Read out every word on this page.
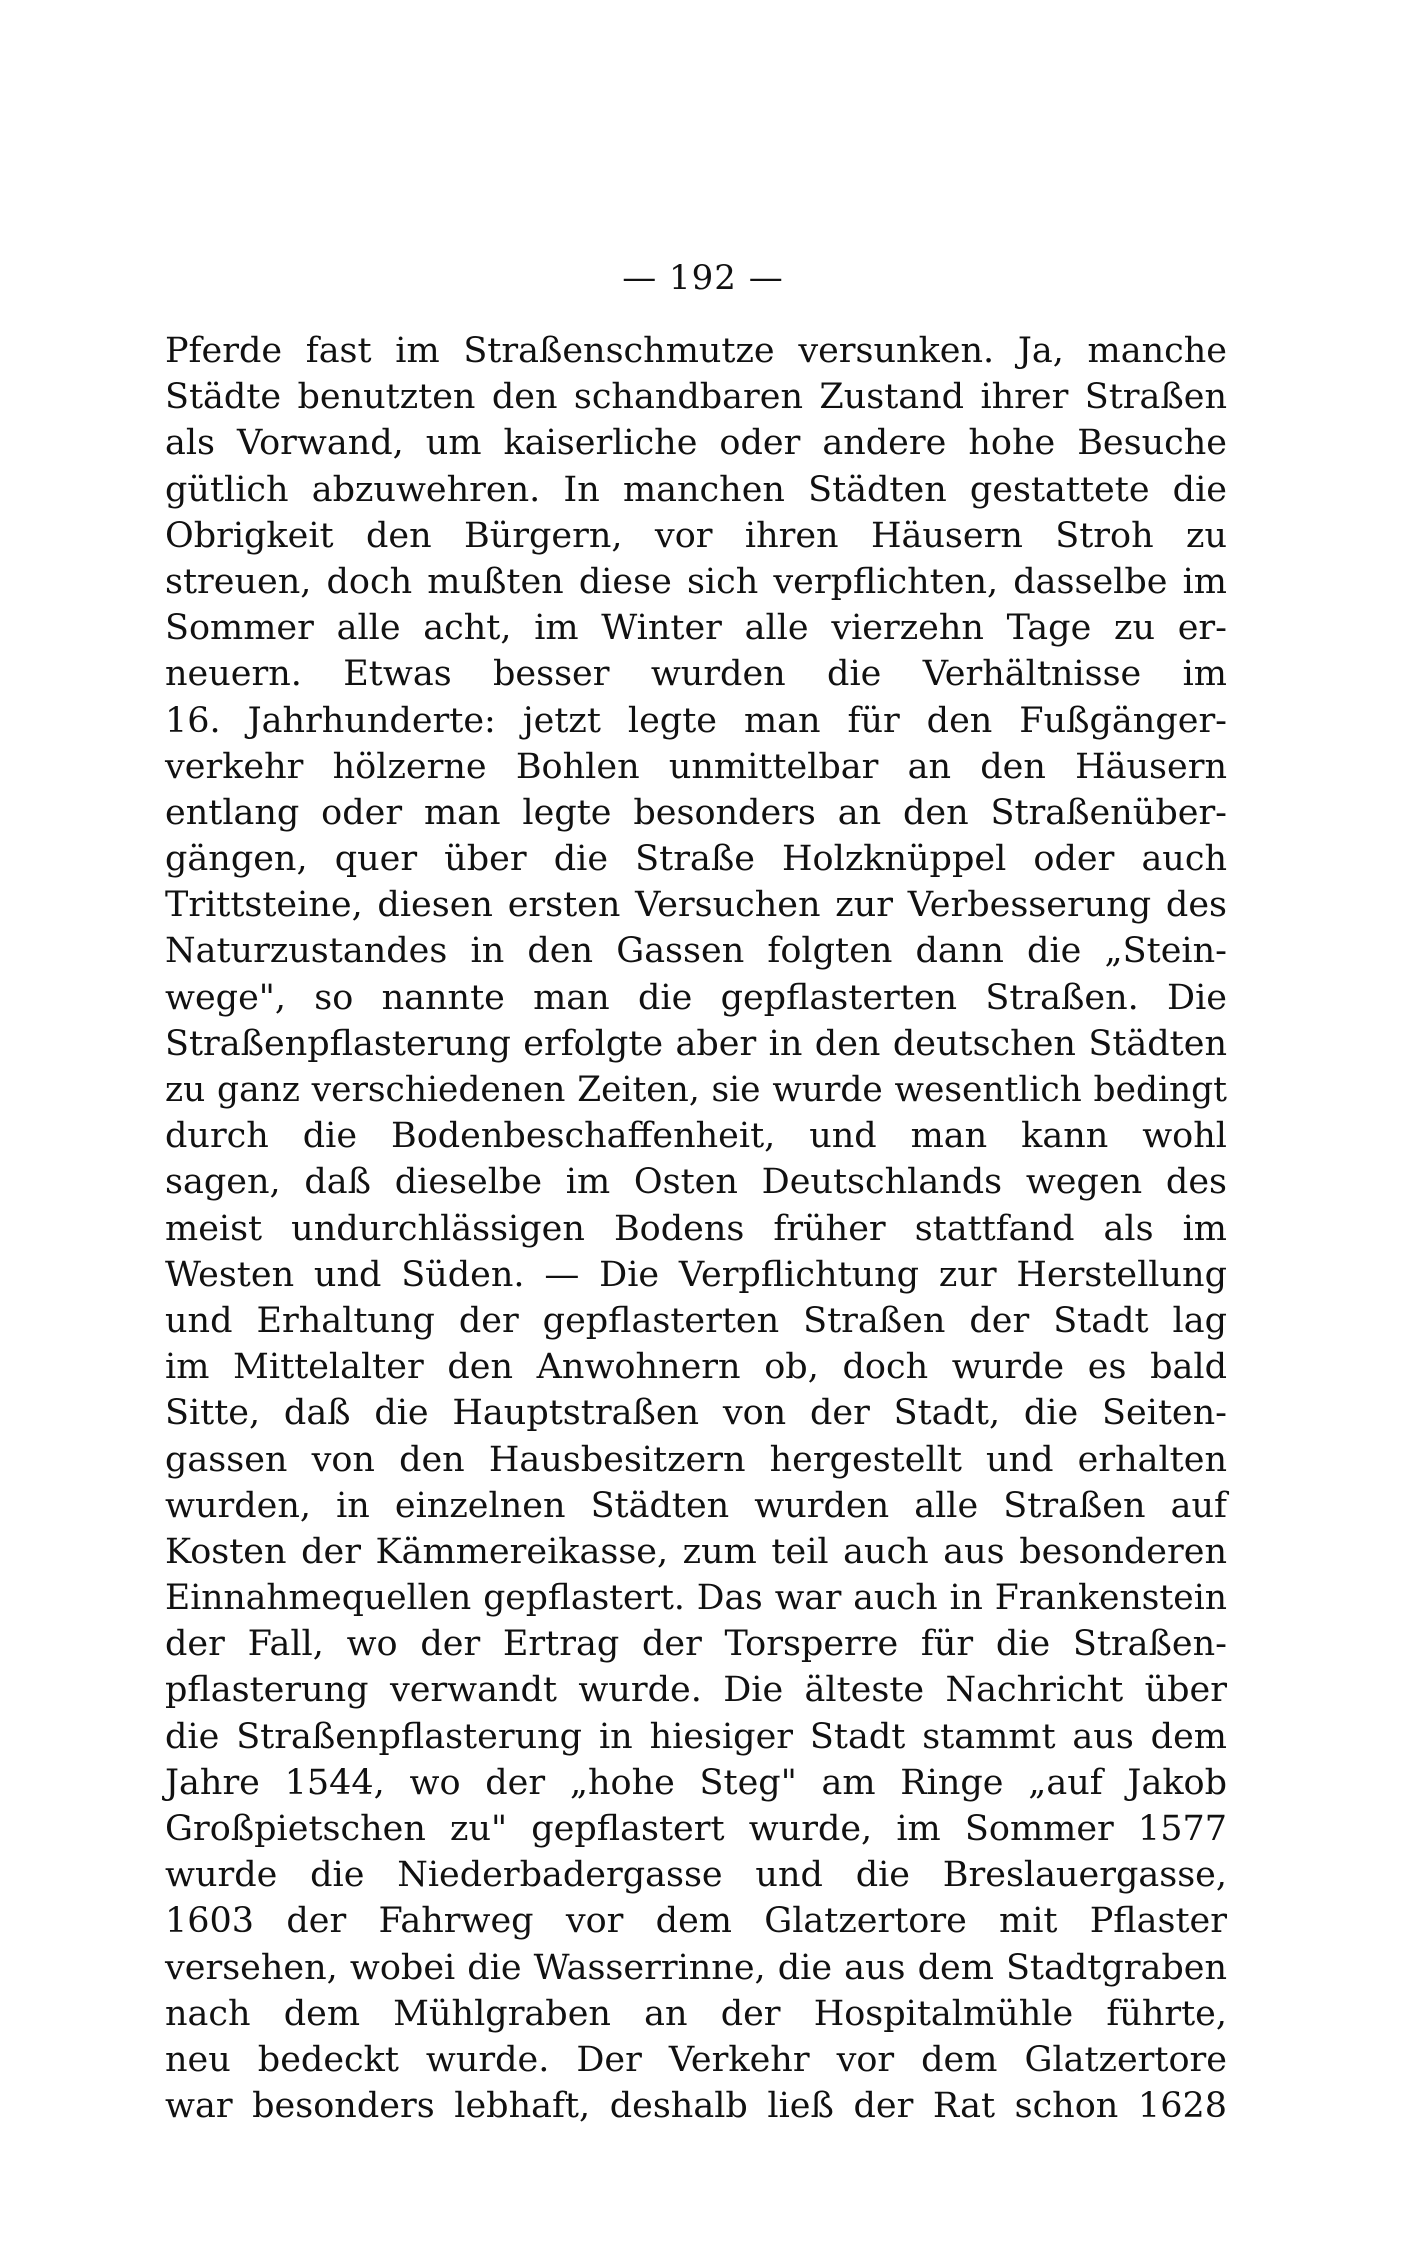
— 192 —
Pferde fast im Straßenschmutze versunken. Ja, manche
Städte benutzten den schandbaren Zustand ihrer Straßen
als Vorwand, um kaiserliche oder andere hohe Besuche
gütlich abzuwehren. In manchen Städten gestattete die
Obrigkeit den Bürgern, vor ihren Häusern Stroh zu
streuen, doch mußten diese sich verpflichten, dasselbe im
Sommer alle acht, im Winter alle vierzehn Tage zu er-
neuern. Etwas besser wurden die Verhältnisse im
16. Jahrhunderte: jetzt legte man für den Fußgänger-
verkehr hölzerne Bohlen unmittelbar an den Häusern
entlang oder man legte besonders an den Straßenüber-
gängen, quer über die Straße Holzknüppel oder auch
Trittsteine, diesen ersten Versuchen zur Verbesserung des
Naturzustandes in den Gassen folgten dann die „Stein-
wege", so nannte man die gepflasterten Straßen. Die
Straßenpflasterung erfolgte aber in den deutschen Städten
zu ganz verschiedenen Zeiten, sie wurde wesentlich bedingt
durch die Bodenbeschaffenheit, und man kann wohl
sagen, daß dieselbe im Osten Deutschlands wegen des
meist undurchlässigen Bodens früher stattfand als im
Westen und Süden. — Die Verpflichtung zur Herstellung
und Erhaltung der gepflasterten Straßen der Stadt lag
im Mittelalter den Anwohnern ob, doch wurde es bald
Sitte, daß die Hauptstraßen von der Stadt, die Seiten-
gassen von den Hausbesitzern hergestellt und erhalten
wurden, in einzelnen Städten wurden alle Straßen auf
Kosten der Kämmereikasse, zum teil auch aus besonderen
Einnahmequellen gepflastert. Das war auch in Frankenstein
der Fall, wo der Ertrag der Torsperre für die Straßen-
pflasterung verwandt wurde. Die älteste Nachricht über
die Straßenpflasterung in hiesiger Stadt stammt aus dem
Jahre 1544, wo der „hohe Steg" am Ringe „auf Jakob
Großpietschen zu" gepflastert wurde, im Sommer 1577
wurde die Niederbadergasse und die Breslauergasse,
1603 der Fahrweg vor dem Glatzertore mit Pflaster
versehen, wobei die Wasserrinne, die aus dem Stadtgraben
nach dem Mühlgraben an der Hospitalmühle führte,
neu bedeckt wurde. Der Verkehr vor dem Glatzertore
war besonders lebhaft, deshalb ließ der Rat schon 1628
